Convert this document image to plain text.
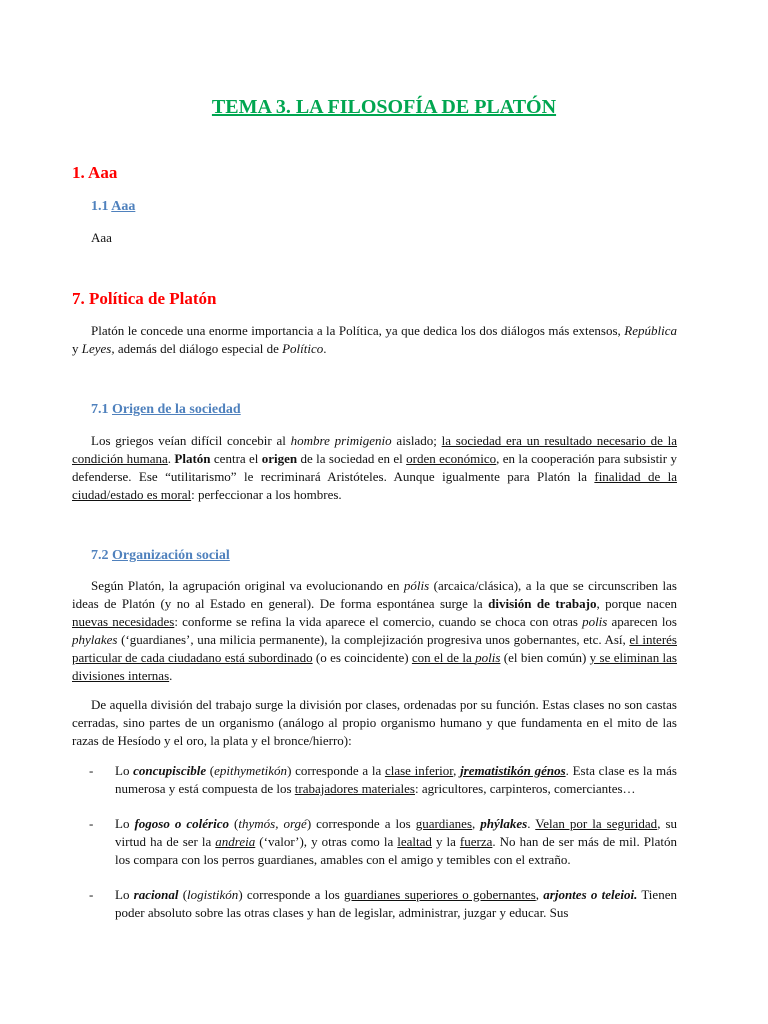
TEMA 3. LA FILOSOFÍA DE PLATÓN
1. Aaa
1.1 Aaa
Aaa
7. Política de Platón
Platón le concede una enorme importancia a la Política, ya que dedica los dos diálogos más extensos, República y Leyes, además del diálogo especial de Político.
7.1 Origen de la sociedad
Los griegos veían difícil concebir al hombre primigenio aislado; la sociedad era un resultado necesario de la condición humana. Platón centra el origen de la sociedad en el orden económico, en la cooperación para subsistir y defenderse. Ese “utilitarismo” le recriminará Aristóteles. Aunque igualmente para Platón la finalidad de la ciudad/estado es moral: perfeccionar a los hombres.
7.2 Organización social
Según Platón, la agrupación original va evolucionando en pólis (arcaica/clásica), a la que se circunscriben las ideas de Platón (y no al Estado en general). De forma espontánea surge la división de trabajo, porque nacen nuevas necesidades: conforme se refina la vida aparece el comercio, cuando se choca con otras polis aparecen los phylakes (‘guardianes’, una milicia permanente), la complejización progresiva unos gobernantes, etc. Así, el interés particular de cada ciudadano está subordinado (o es coincidente) con el de la polis (el bien común) y se eliminan las divisiones internas.
De aquella división del trabajo surge la división por clases, ordenadas por su función. Estas clases no son castas cerradas, sino partes de un organismo (análogo al propio organismo humano y que fundamenta en el mito de las razas de Hesíodo y el oro, la plata y el bronce/hierro):
- Lo concupiscible (epithymetikón) corresponde a la clase inferior, jrematistikón génos. Esta clase es la más numerosa y está compuesta de los trabajadores materiales: agricultores, carpinteros, comerciantes…
- Lo fogoso o colérico (thymós, orgé) corresponde a los guardianes, phýlakes. Velan por la seguridad, su virtud ha de ser la andreia (‘valor’), y otras como la lealtad y la fuerza. No han de ser más de mil. Platón los compara con los perros guardianes, amables con el amigo y temibles con el extraño.
- Lo racional (logistikón) corresponde a los guardianes superiores o gobernantes, arjontes o teleioi. Tienen poder absoluto sobre las otras clases y han de legislar, administrar, juzgar y educar. Sus
